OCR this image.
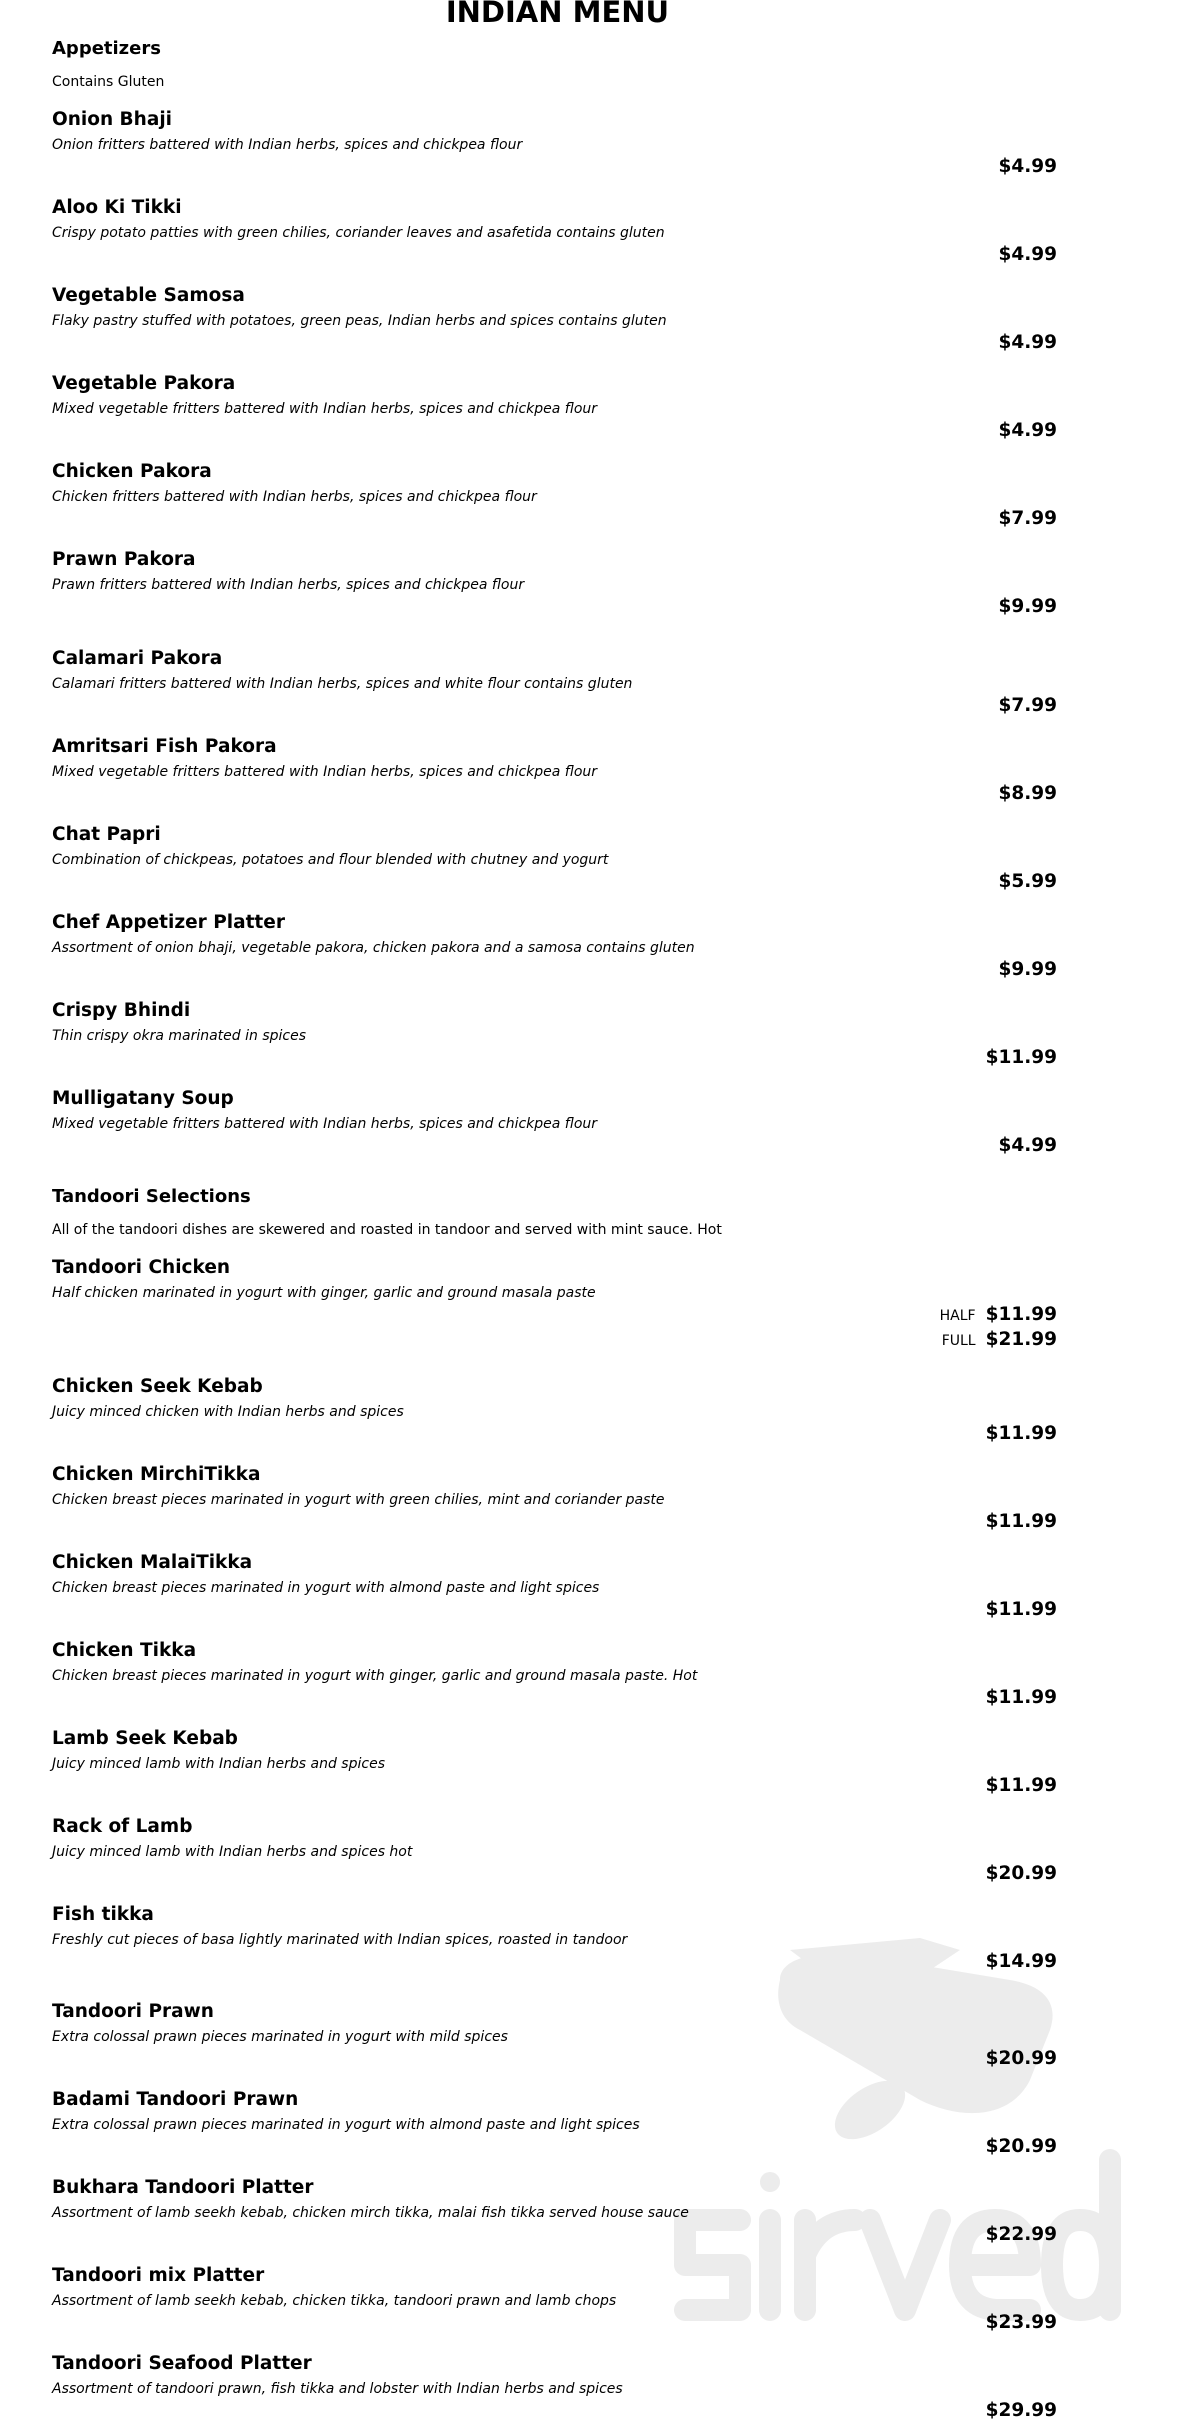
INDIAN MENU
Appetizers
Contains Gluten
Onion Bhaji
Onion fritters battered with Indian herbs, spices and chickpea flour
$4.99
Aloo Ki Tikki
Crispy potato patties with green chilies, coriander leaves and asafetida contains gluten
$4.99
Vegetable Samosa
Flaky pastry stuffed with potatoes, green peas, Indian herbs and spices contains gluten
$4.99
Vegetable Pakora
Mixed vegetable fritters battered with Indian herbs, spices and chickpea flour
$4.99
Chicken Pakora
Chicken fritters battered with Indian herbs, spices and chickpea flour
$7.99
Prawn Pakora
Prawn fritters battered with Indian herbs, spices and chickpea flour
$9.99
Calamari Pakora
Calamari fritters battered with Indian herbs, spices and white flour contains gluten
$7.99
Amritsari Fish Pakora
Mixed vegetable fritters battered with Indian herbs, spices and chickpea flour
$8.99
Chat Papri
Combination of chickpeas, potatoes and flour blended with chutney and yogurt
$5.99
Chef Appetizer Platter
Assortment of onion bhaji, vegetable pakora, chicken pakora and a samosa contains gluten
$9.99
Crispy Bhindi
Thin crispy okra marinated in spices
$11.99
Mulligatany Soup
Mixed vegetable fritters battered with Indian herbs, spices and chickpea flour
$4.99
Tandoori Selections
All of the tandoori dishes are skewered and roasted in tandoor and served with mint sauce. Hot
Tandoori Chicken
Half chicken marinated in yogurt with ginger, garlic and ground masala paste
HALF $11.99
FULL $21.99
Chicken Seek Kebab
Juicy minced chicken with Indian herbs and spices
$11.99
Chicken MirchiTikka
Chicken breast pieces marinated in yogurt with green chilies, mint and coriander paste
$11.99
Chicken MalaiTikka
Chicken breast pieces marinated in yogurt with almond paste and light spices
$11.99
Chicken Tikka
Chicken breast pieces marinated in yogurt with ginger, garlic and ground masala paste. Hot
$11.99
Lamb Seek Kebab
Juicy minced lamb with Indian herbs and spices
$11.99
Rack of Lamb
Juicy minced lamb with Indian herbs and spices hot
$20.99
Fish tikka
Freshly cut pieces of basa lightly marinated with Indian spices, roasted in tandoor
$14.99
Tandoori Prawn
Extra colossal prawn pieces marinated in yogurt with mild spices
$20.99
Badami Tandoori Prawn
Extra colossal prawn pieces marinated in yogurt with almond paste and light spices
$20.99
Bukhara Tandoori Platter
Assortment of lamb seekh kebab, chicken mirch tikka, malai fish tikka served house sauce
$22.99
Tandoori mix Platter
Assortment of lamb seekh kebab, chicken tikka, tandoori prawn and lamb chops
$23.99
Tandoori Seafood Platter
Assortment of tandoori prawn, fish tikka and lobster with Indian herbs and spices
$29.99
